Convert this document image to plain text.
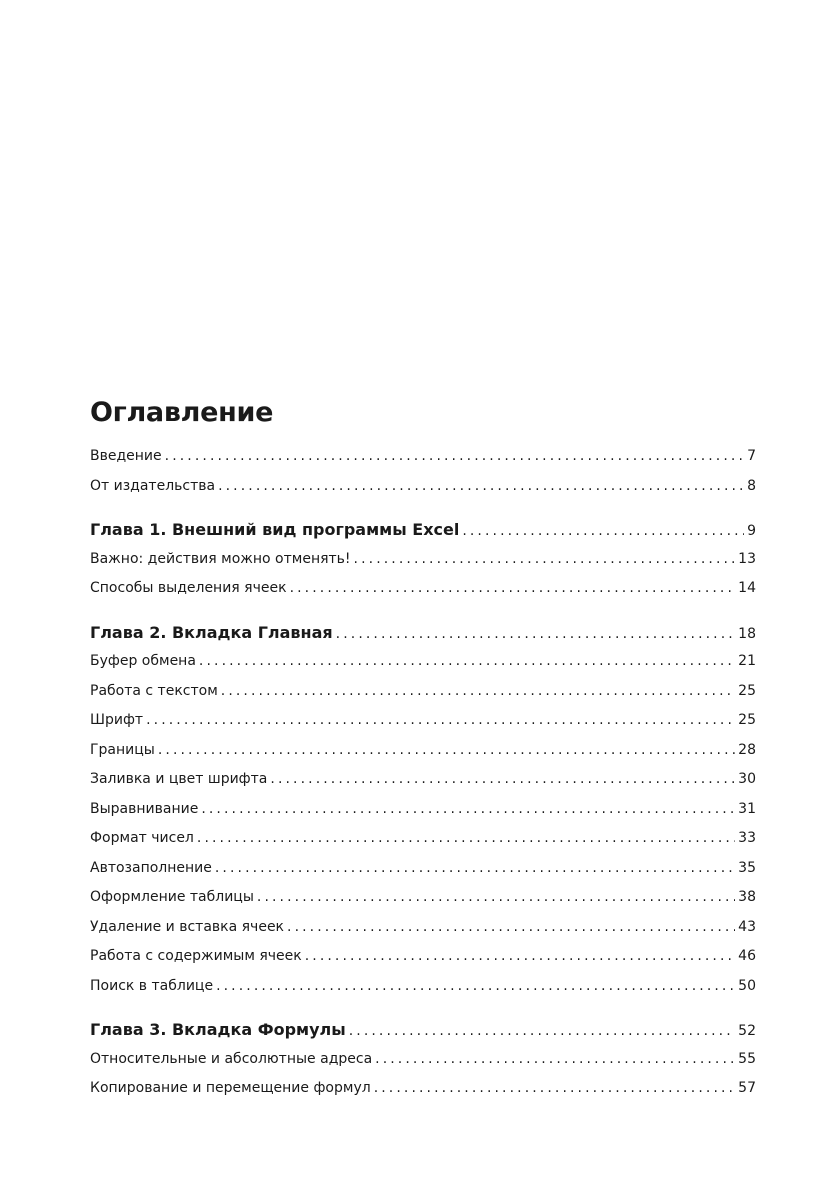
Оглавление
Введение .....	7
От издательства .....	8
Глава 1. Внешний вид программы Excel .....	9
Важно: действия можно отменять! .....	13
Способы выделения ячеек .....	14
Глава 2. Вкладка Главная .....	18
Буфер обмена .....	21
Работа с текстом .....	25
Шрифт .....	25
Границы .....	28
Заливка и цвет шрифта .....	30
Выравнивание .....	31
Формат чисел .....	33
Автозаполнение .....	35
Оформление таблицы .....	38
Удаление и вставка ячеек .....	43
Работа с содержимым ячеек .....	46
Поиск в таблице .....	50
Глава 3. Вкладка Формулы .....	52
Относительные и абсолютные адреса .....	55
Копирование и перемещение формул .....	57
